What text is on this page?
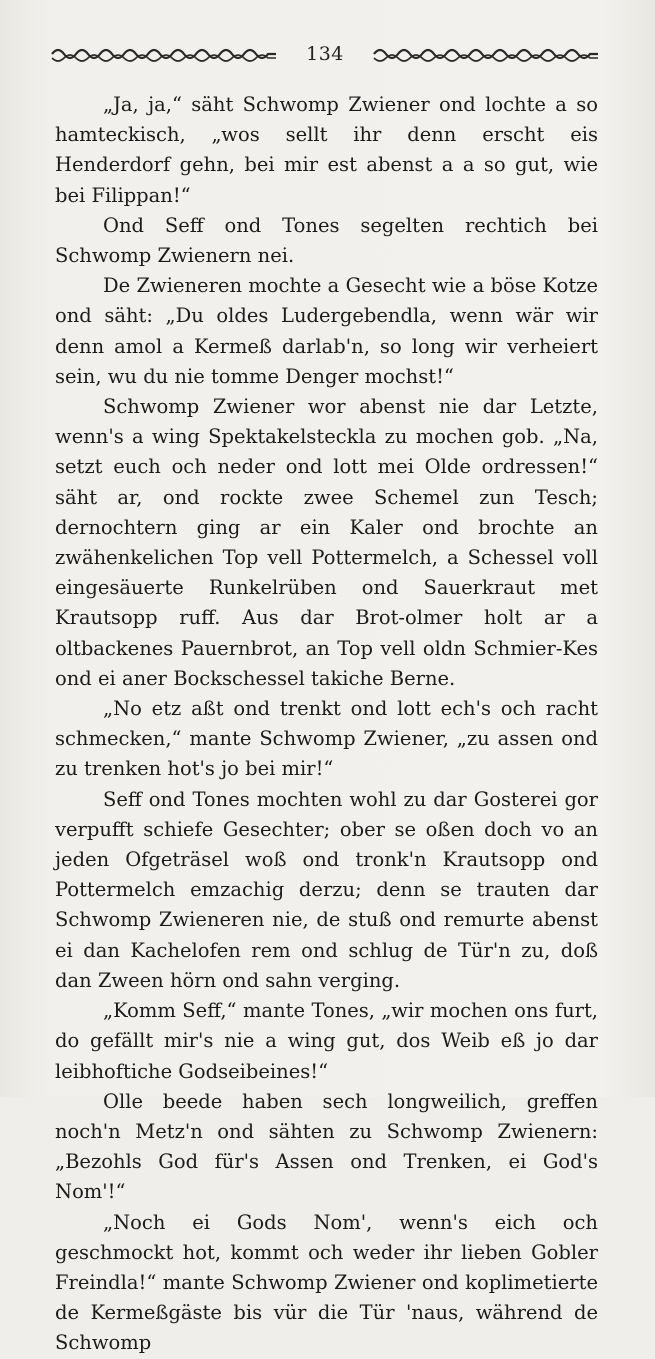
134

„Ja, ja,“ säht Schwomp Zwiener ond lochte a so hamteckisch, „wos sellt ihr denn erscht eis Henderdorf gehn, bei mir est abenst a a so gut, wie bei Filippan!“

Ond Seff ond Tones segelten rechtich bei Schwomp Zwienern nei.

De Zwieneren mochte a Gesecht wie a böse Kotze ond säht: „Du oldes Ludergebendla, wenn wär wir denn amol a Kermeß darlab'n, so long wir verheiert sein, wu du nie tomme Denger mochst!“

Schwomp Zwiener wor abenst nie dar Letzte, wenn's a wing Spektakelsteckla zu mochen gob. „Na, setzt euch och neder ond lott mei Olde ordressen!“ säht ar, ond rockte zwee Schemel zun Tesch; dernochtern ging ar ein Kaler ond brochte an zwähenkelichen Top vell Pottermelch, a Schessel voll eingesäuerte Runkelrüben ond Sauerkraut met Krautsopp ruff. Aus dar Brot-olmer holt ar a oltbackenes Pauernbrot, an Top vell oldn Schmier-Kes ond ei aner Bockschessel takiche Berne.

„No etz aßt ond trenkt ond lott ech's och racht schmecken,“ mante Schwomp Zwiener, „zu assen ond zu trenken hot's jo bei mir!“

Seff ond Tones mochten wohl zu dar Gosterei gor verpufft schiefe Gesechter; ober se oßen doch vo an jeden Ofgeträsel woß ond tronk'n Krautsopp ond Pottermelch emzachig derzu; denn se trauten dar Schwomp Zwieneren nie, de stuß ond remurte abenst ei dan Kachelofen rem ond schlug de Tür'n zu, doß dan Zween hörn ond sahn verging.

„Komm Seff,“ mante Tones, „wir mochen ons furt, do gefällt mir's nie a wing gut, dos Weib eß jo dar leibhoftiche Godseibeines!“

Olle beede haben sech longweilich, greffen noch'n Metz'n ond sähten zu Schwomp Zwienern: „Bezohls God für's Assen ond Trenken, ei God's Nom'!“

„Noch ei Gods Nom', wenn's eich och geschmockt hot, kommt och weder ihr lieben Gobler Freindla!“ mante Schwomp Zwiener ond koplimetierte de Kermeßgäste bis vür die Tür 'naus, während de Schwomp
